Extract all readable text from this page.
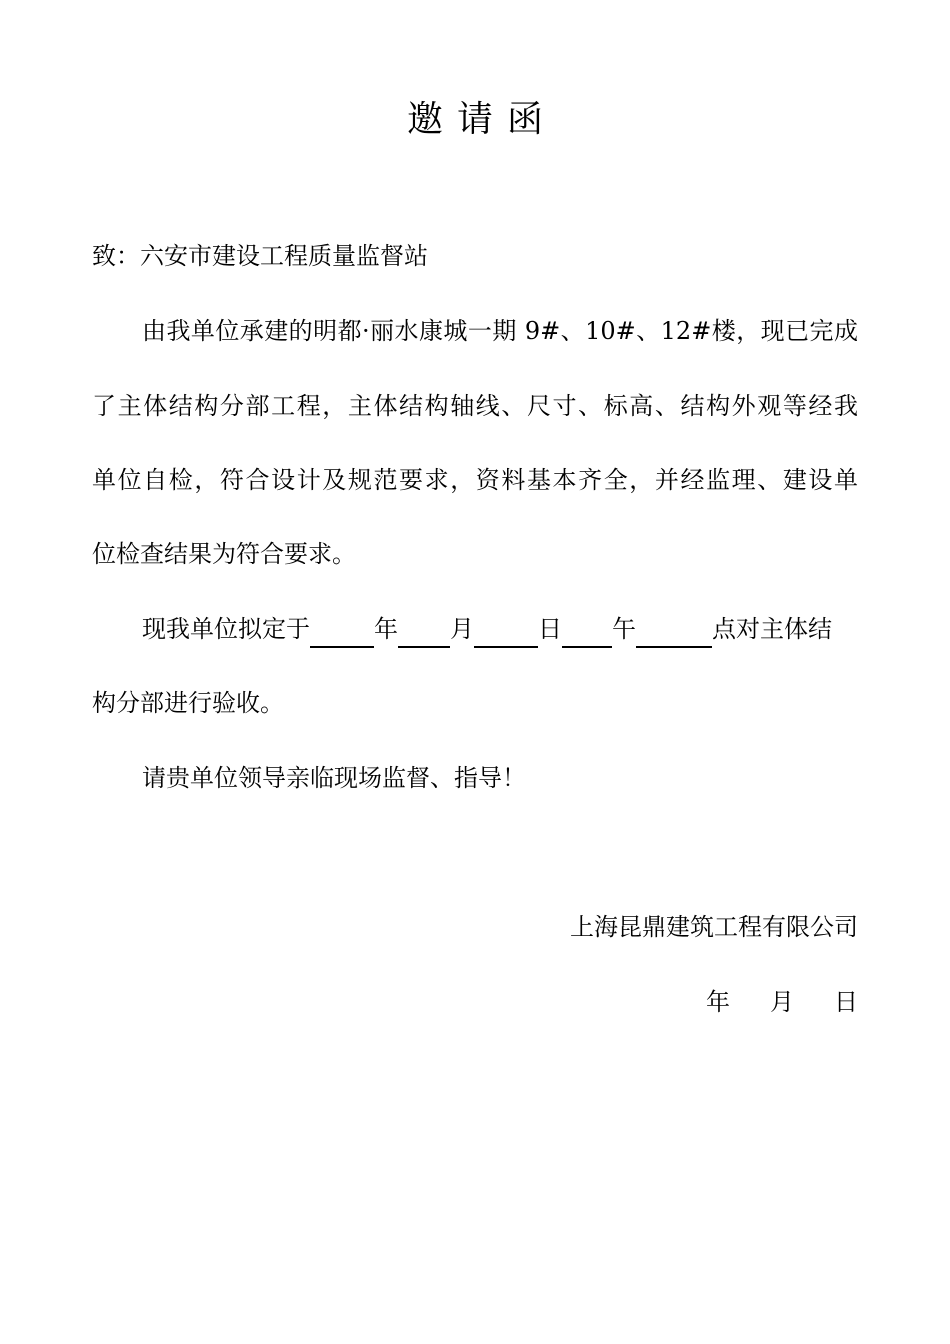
邀请函
致：六安市建设工程质量监督站
由我单位承建的明都·丽水康城一期 9#、10#、12#楼，现已完成
了主体结构分部工程，主体结构轴线、尺寸、标高、结构外观等经我
单位自检，符合设计及规范要求，资料基本齐全，并经监理、建设单
位检查结果为符合要求。
现我单位拟定于	年 月	日 午	点对主体结
构分部进行验收。
请贵单位领导亲临现场监督、指导！
上海昆鼎建筑工程有限公司
年 月 日
